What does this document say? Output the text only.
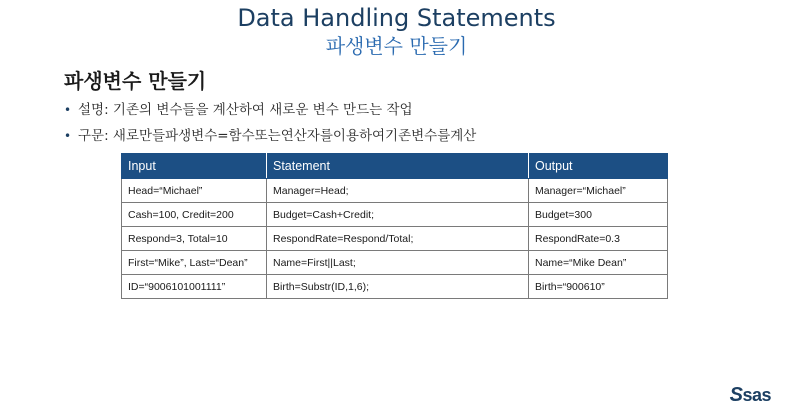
Data Handling Statements
파생변수 만들기
파생변수 만들기
• 설명: 기존의 변수들을 계산하여 새로운 변수 만드는 작업
• 구문: 새로만들파생변수=함수또는연산자를이용하여기존변수를계산
Input	Statement	Output
Head=“Michael”	Manager=Head;	Manager=“Michael”
Cash=100, Credit=200	Budget=Cash+Credit;	Budget=300
Respond=3, Total=10	RespondRate=Respond/Total;	RespondRate=0.3
First=“Mike”, Last=“Dean”	Name=First||Last;	Name=“Mike Dean”
ID=“9006101001111”	Birth=Substr(ID,1,6);	Birth=“900610”
Ssas
